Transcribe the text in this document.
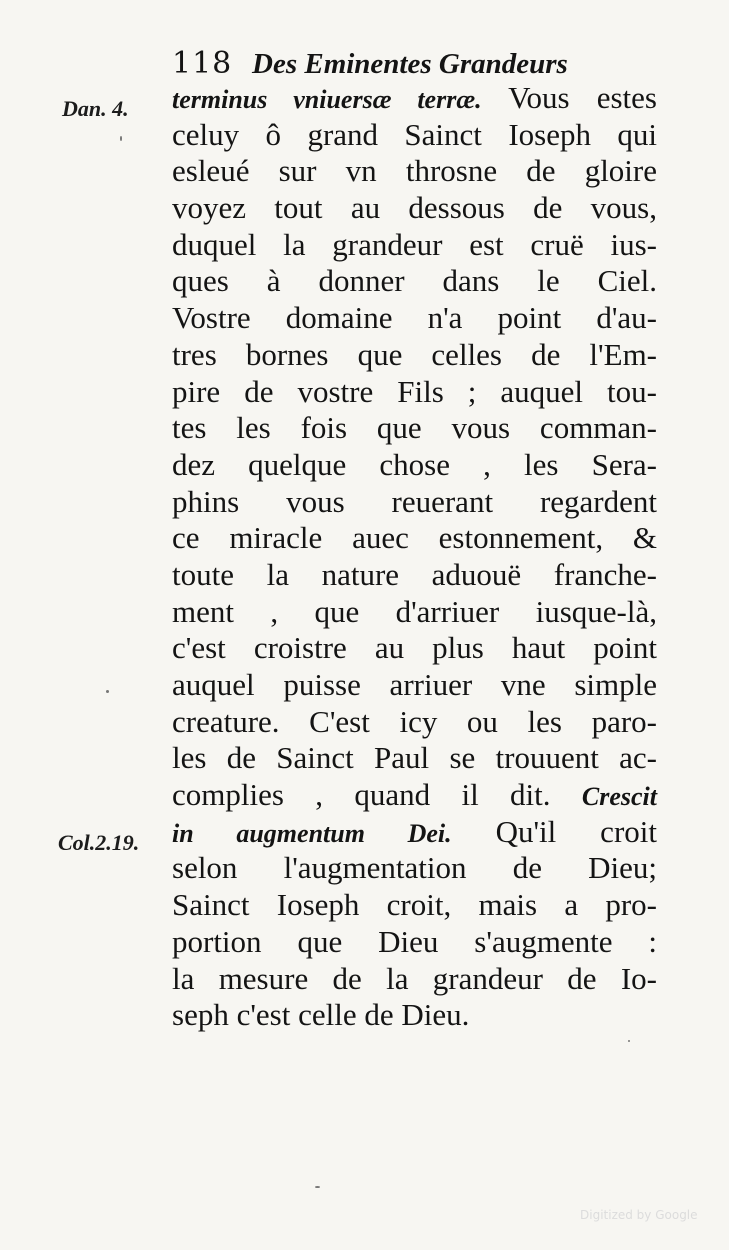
118 Des Eminentes Grandeurs
Dan. 4.
Col.2.19.
terminus vniuersæ terræ. Vous estes
celuy ô grand Sainct Ioseph qui
esleué sur vn throsne de gloire
voyez tout au dessous de vous,
duquel la grandeur est cruë ius-
ques à donner dans le Ciel.
Vostre domaine n'a point d'au-
tres bornes que celles de l'Em-
pire de vostre Fils ; auquel tou-
tes les fois que vous comman-
dez quelque chose , les Sera-
phins vous reuerant regardent
ce miracle auec estonnement, &
toute la nature aduouë franche-
ment , que d'arriuer iusque-là,
c'est croistre au plus haut point
auquel puisse arriuer vne simple
creature. C'est icy ou les paro-
les de Sainct Paul se trouuent ac-
complies , quand il dit. Crescit
in augmentum Dei. Qu'il croit
selon l'augmentation de Dieu;
Sainct Ioseph croit, mais a pro-
portion que Dieu s'augmente :
la mesure de la grandeur de Io-
seph c'est celle de Dieu.
Digitized by Google
